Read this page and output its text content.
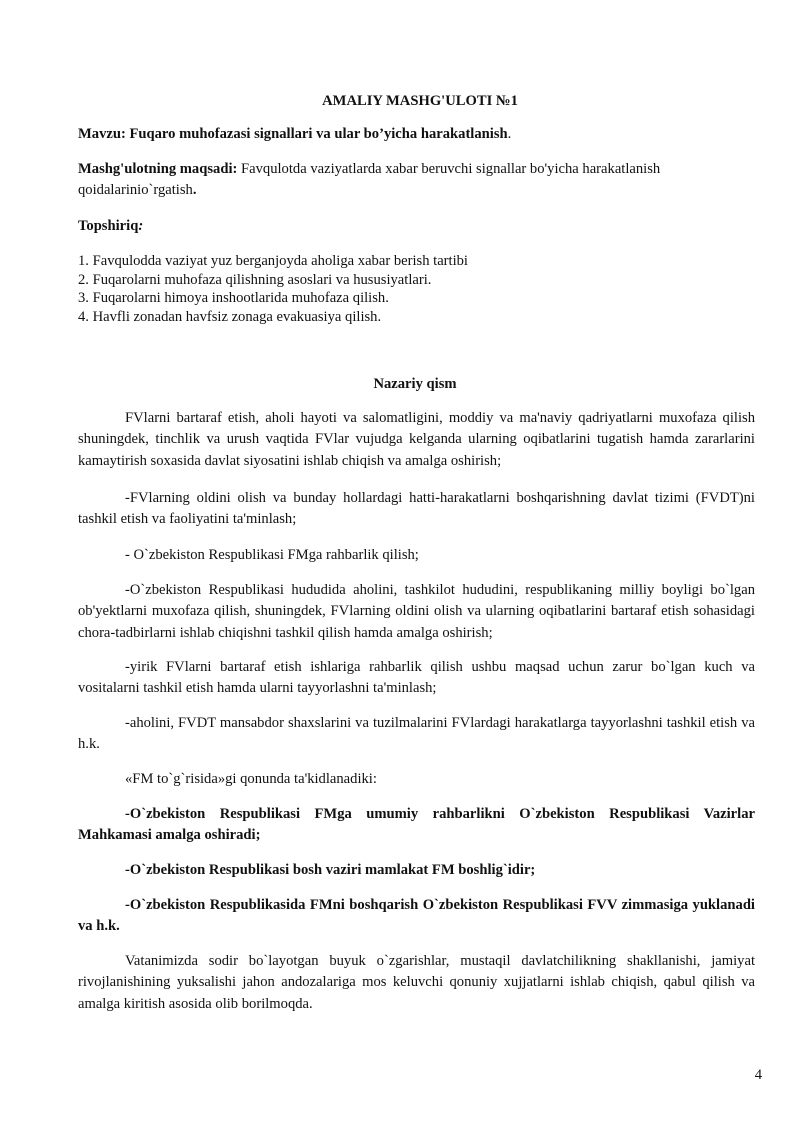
AMALIY MASHG'ULOTI №1
Mavzu: Fuqaro muhofazasi signallari va ular bo’yicha harakatlanish.
Mashg'ulotning maqsadi: Favqulotda vaziyatlarda xabar beruvchi signallar bo'yicha harakatlanish qoidalarinio`rgatish.
Topshiriq:
1. Favqulodda vaziyat yuz berganjoyda aholiga xabar berish tartibi
2. Fuqarolarni muhofaza qilishning asoslari va hususiyatlari.
3. Fuqarolarni himoya inshootlarida muhofaza qilish.
4. Havfli zonadan havfsiz zonaga evakuasiya qilish.
Nazariy qism

FVlarni bartaraf etish, aholi hayoti va salomatligini, moddiy va ma'naviy qadriyatlarni muxofaza qilish shuningdek, tinchlik va urush vaqtida FVlar vujudga kelganda ularning oqibatlarini tugatish hamda zararlarini kamaytirish soxasida davlat siyosatini ishlab chiqish va amalga oshirish;

-FVlarning oldini olish va bunday hollardagi hatti-harakatlarni boshqarishning davlat tizimi (FVDT)ni tashkil etish va faoliyatini ta'minlash;

- O`zbekiston Respublikasi FMga rahbarlik qilish;

-O`zbekiston Respublikasi hududida aholini, tashkilot hududini, respublikaning milliy boyligi bo`lgan ob'yektlarni muxofaza qilish, shuningdek, FVlarning oldini olish va ularning oqibatlarini bartaraf etish sohasidagi chora-tadbirlarni ishlab chiqishni tashkil qilish hamda amalga oshirish;

-yirik FVlarni bartaraf etish ishlariga rahbarlik qilish ushbu maqsad uchun zarur bo`lgan kuch va vositalarni tashkil etish hamda ularni tayyorlashni ta'minlash;

-aholini, FVDT mansabdor shaxslarini va tuzilmalarini FVlardagi harakatlarga tayyorlashni tashkil etish va h.k.

«FM to`g`risida»gi qonunda ta'kidlanadiki:

-O`zbekiston Respublikasi FMga umumiy rahbarlikni O`zbekiston Respublikasi Vazirlar Mahkamasi amalga oshiradi;

-O`zbekiston Respublikasi bosh vaziri mamlakat FM boshlig`idir;

-O`zbekiston Respublikasida FMni boshqarish O`zbekiston Respublikasi FVV zimmasiga yuklanadi va h.k.

Vatanimizda sodir bo`layotgan buyuk o`zgarishlar, mustaqil davlatchilikning shakllanishi, jamiyat rivojlanishining yuksalishi jahon andozalariga mos keluvchi qonuniy xujjatlarni ishlab chiqish, qabul qilish va amalga kiritish asosida olib borilmoqda.

4
